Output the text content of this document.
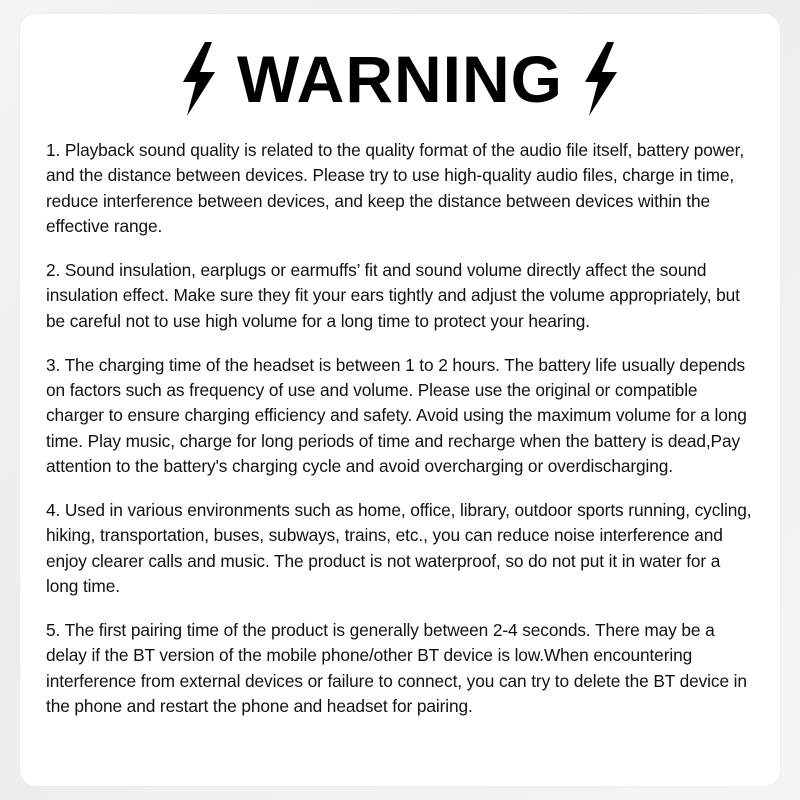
WARNING

1. Playback sound quality is related to the quality format of the audio file itself, battery power, and the distance between devices. Please try to use high-quality audio files, charge in time, reduce interference between devices, and keep the distance between devices within the effective range.

2. Sound insulation, earplugs or earmuffs’ fit and sound volume directly affect the sound insulation effect. Make sure they fit your ears tightly and adjust the volume appropriately, but be careful not to use high volume for a long time to protect your hearing.

3. The charging time of the headset is between 1 to 2 hours. The battery life usually depends on factors such as frequency of use and volume. Please use the original or compatible charger to ensure charging efficiency and safety. Avoid using the maximum volume for a long time. Play music, charge for long periods of time and recharge when the battery is dead,Pay attention to the battery's charging cycle and avoid overcharging or overdischarging.

4. Used in various environments such as home, office, library, outdoor sports running, cycling, hiking, transportation, buses, subways, trains, etc., you can reduce noise interference and enjoy clearer calls and music. The product is not waterproof, so do not put it in water for a long time.

5. The first pairing time of the product is generally between 2-4 seconds. There may be a delay if the BT version of the mobile phone/other BT device is low.When encountering interference from external devices or failure to connect, you can try to delete the BT device in the phone and restart the phone and headset for pairing.
